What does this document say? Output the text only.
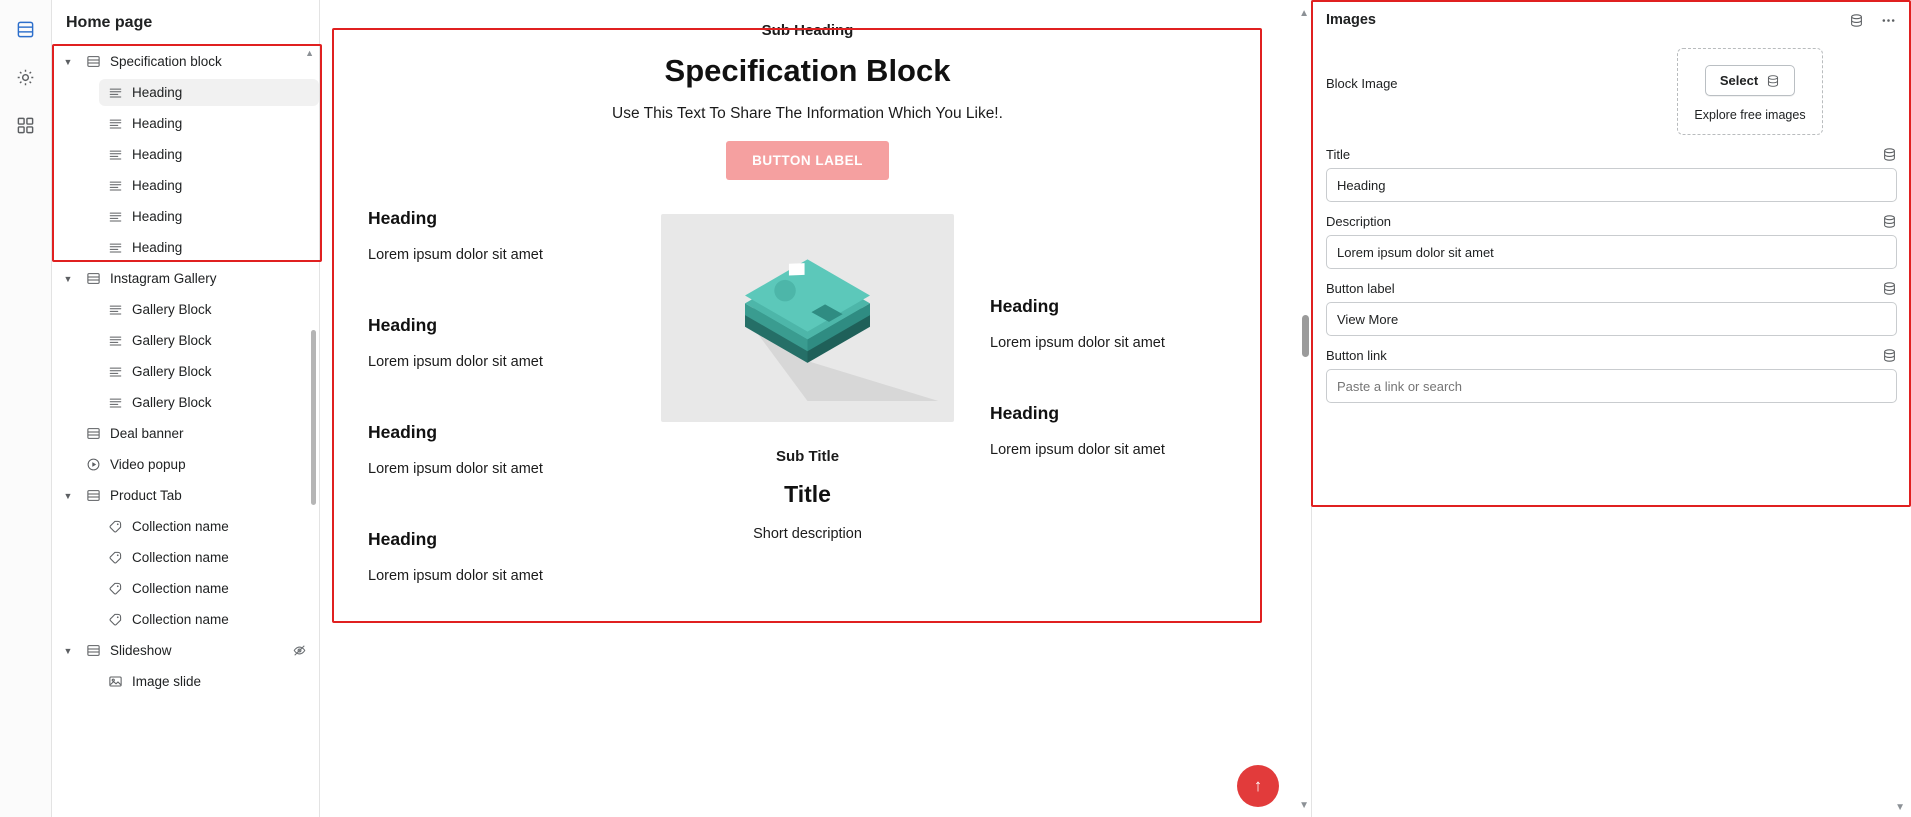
Home page
▲
▼	Specification block
Heading
Heading
Heading
Heading
Heading
Heading
▼	Instagram Gallery
Gallery Block
Gallery Block
Gallery Block
Gallery Block
Deal banner
Video popup
▼	Product Tab
Collection name
Collection name
Collection name
Collection name
▼	Slideshow
Image slide
Sub Heading
Specification Block
Use This Text To Share The Information Which You Like!.
BUTTON LABEL
Heading
Lorem ipsum dolor sit amet
Heading
Lorem ipsum dolor sit amet
Heading
Lorem ipsum dolor sit amet
Heading
Lorem ipsum dolor sit amet
Sub Title
Title
Short description
Heading
Lorem ipsum dolor sit amet
Heading
Lorem ipsum dolor sit amet
▲
▼
↑
Images
Block Image	Select
Explore free images
Title
Heading
Description
Lorem ipsum dolor sit amet
Button label
View More
Button link
Paste a link or search
▼
